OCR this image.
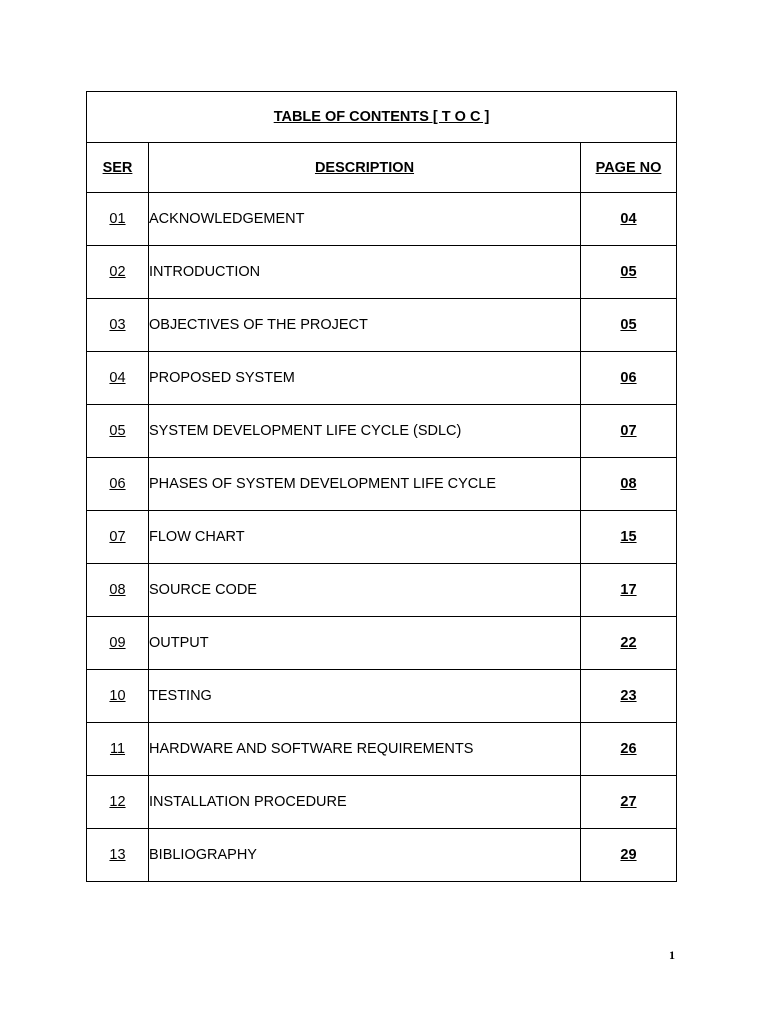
TABLE OF CONTENTS [ T O C ]		
SER	DESCRIPTION	PAGE NO
01	ACKNOWLEDGEMENT	04
02	INTRODUCTION	05
03	OBJECTIVES OF THE PROJECT	05
04	PROPOSED SYSTEM	06
05	SYSTEM DEVELOPMENT LIFE CYCLE (SDLC)	07
06	PHASES OF SYSTEM DEVELOPMENT LIFE CYCLE	08
07	FLOW CHART	15
08	SOURCE CODE	17
09	OUTPUT	22
10	TESTING	23
11	HARDWARE AND SOFTWARE REQUIREMENTS	26
12	INSTALLATION PROCEDURE	27
13	BIBLIOGRAPHY	29
1
